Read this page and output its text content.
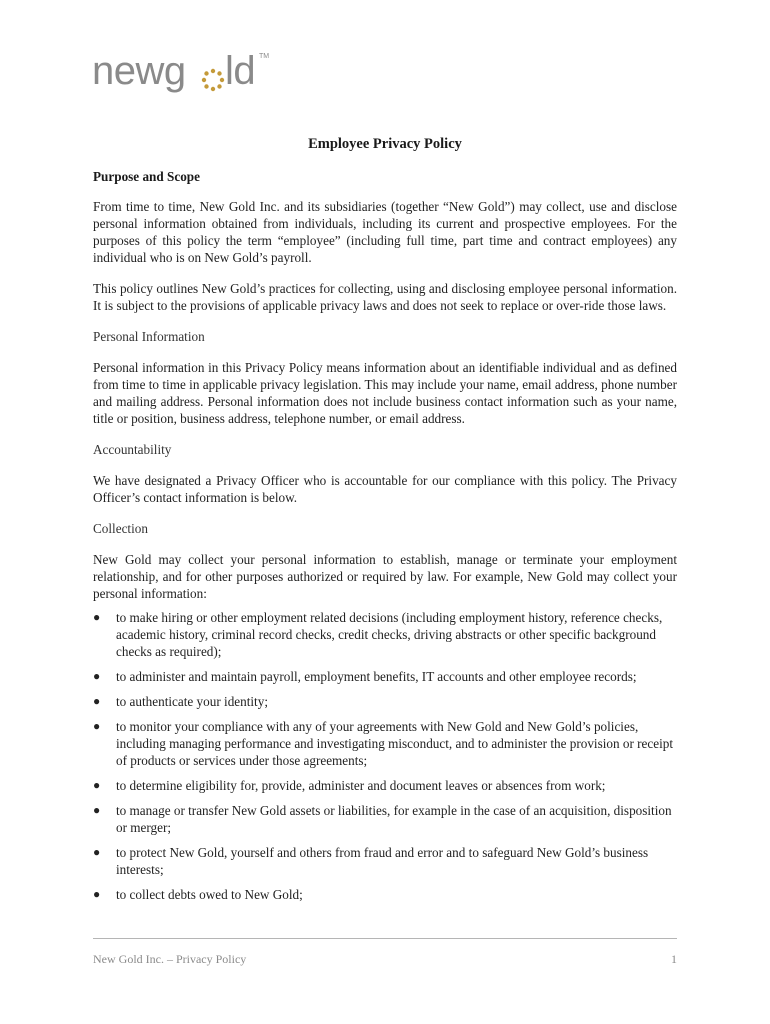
newg ld TM
Employee Privacy Policy
Purpose and Scope

From time to time, New Gold Inc. and its subsidiaries (together “New Gold”) may collect, use and disclose personal information obtained from individuals, including its current and prospective employees. For the purposes of this policy the term “employee” (including full time, part time and contract employees) any individual who is on New Gold’s payroll.

This policy outlines New Gold’s practices for collecting, using and disclosing employee personal information. It is subject to the provisions of applicable privacy laws and does not seek to replace or over-ride those laws.

Personal Information

Personal information in this Privacy Policy means information about an identifiable individual and as defined from time to time in applicable privacy legislation. This may include your name, email address, phone number and mailing address. Personal information does not include business contact information such as your name, title or position, business address, telephone number, or email address.

Accountability

We have designated a Privacy Officer who is accountable for our compliance with this policy. The Privacy Officer’s contact information is below.

Collection

New Gold may collect your personal information to establish, manage or terminate your employment relationship, and for other purposes authorized or required by law. For example, New Gold may collect your personal information:

● to make hiring or other employment related decisions (including employment history, reference checks, academic history, criminal record checks, credit checks, driving abstracts or other specific background checks as required);
● to administer and maintain payroll, employment benefits, IT accounts and other employee records;
● to authenticate your identity;
● to monitor your compliance with any of your agreements with New Gold and New Gold’s policies, including managing performance and investigating misconduct, and to administer the provision or receipt of products or services under those agreements;
● to determine eligibility for, provide, administer and document leaves or absences from work;
● to manage or transfer New Gold assets or liabilities, for example in the case of an acquisition, disposition or merger;
● to protect New Gold, yourself and others from fraud and error and to safeguard New Gold’s business interests;
● to collect debts owed to New Gold;
New Gold Inc. – Privacy Policy	1
